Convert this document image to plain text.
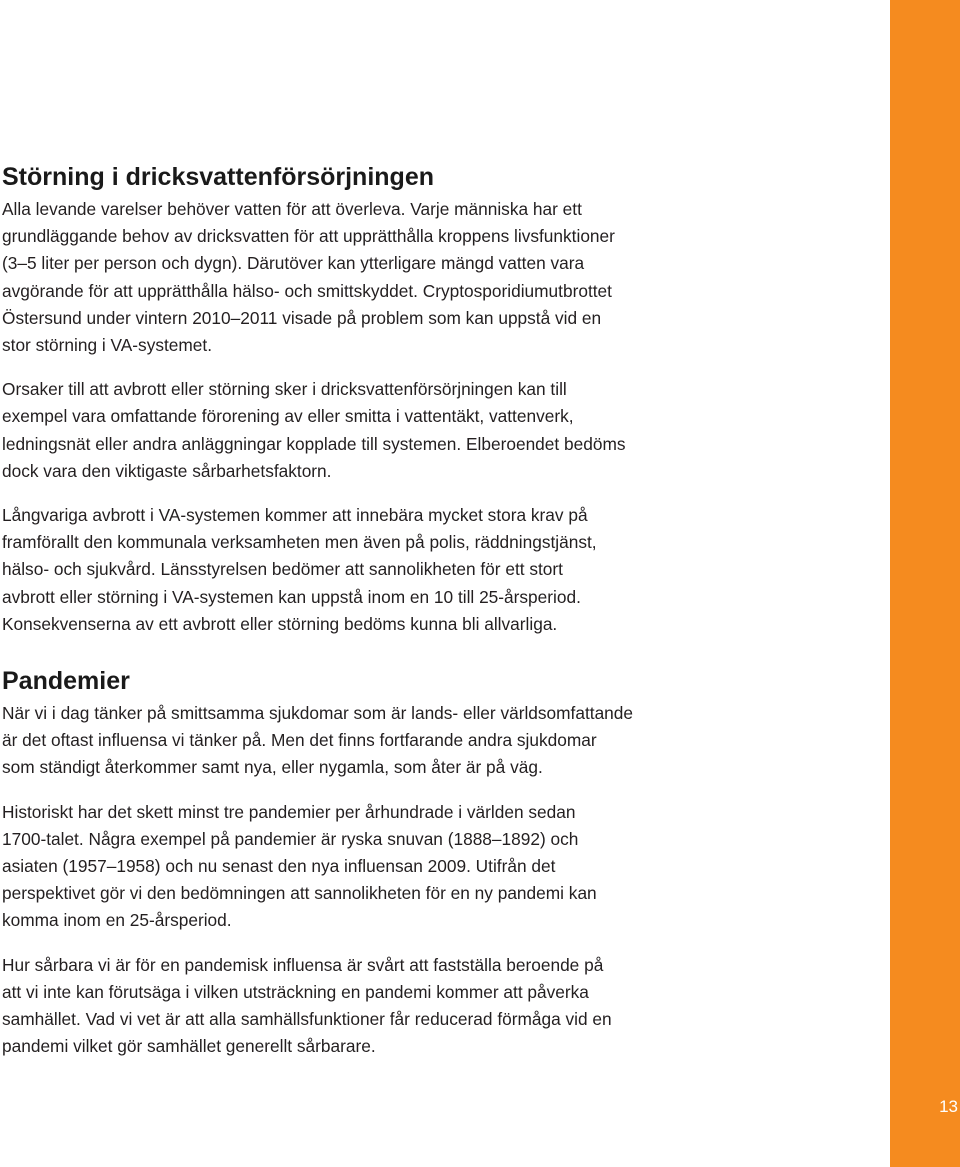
Störning i dricksvattenförsörjningen

Alla levande varelser behöver vatten för att överleva. Varje människa har ett
grundläggande behov av dricksvatten för att upprätthålla kroppens livsfunktioner
(3–5 liter per person och dygn). Därutöver kan ytterligare mängd vatten vara
avgörande för att upprätthålla hälso- och smittskyddet. Cryptosporidiumutbrottet
Östersund under vintern 2010–2011 visade på problem som kan uppstå vid en
stor störning i VA-systemet.

Orsaker till att avbrott eller störning sker i dricksvattenförsörjningen kan till
exempel vara omfattande förorening av eller smitta i vattentäkt, vattenverk,
ledningsnät eller andra anläggningar kopplade till systemen. Elberoendet bedöms
dock vara den viktigaste sårbarhetsfaktorn.

Långvariga avbrott i VA-systemen kommer att innebära mycket stora krav på
framförallt den kommunala verksamheten men även på polis, räddningstjänst,
hälso- och sjukvård. Länsstyrelsen bedömer att sannolikheten för ett stort
avbrott eller störning i VA-systemen kan uppstå inom en 10 till 25-årsperiod.
Konsekvenserna av ett avbrott eller störning bedöms kunna bli allvarliga.

Pandemier

När vi i dag tänker på smittsamma sjukdomar som är lands- eller världsomfattande
är det oftast influensa vi tänker på. Men det finns fortfarande andra sjukdomar
som ständigt återkommer samt nya, eller nygamla, som åter är på väg.

Historiskt har det skett minst tre pandemier per århundrade i världen sedan
1700-talet. Några exempel på pandemier är ryska snuvan (1888–1892) och
asiaten (1957–1958) och nu senast den nya influensan 2009. Utifrån det
perspektivet gör vi den bedömningen att sannolikheten för en ny pandemi kan
komma inom en 25-årsperiod.

Hur sårbara vi är för en pandemisk influensa är svårt att fastställa beroende på
att vi inte kan förutsäga i vilken utsträckning en pandemi kommer att påverka
samhället. Vad vi vet är att alla samhällsfunktioner får reducerad förmåga vid en
pandemi vilket gör samhället generellt sårbarare.

13
